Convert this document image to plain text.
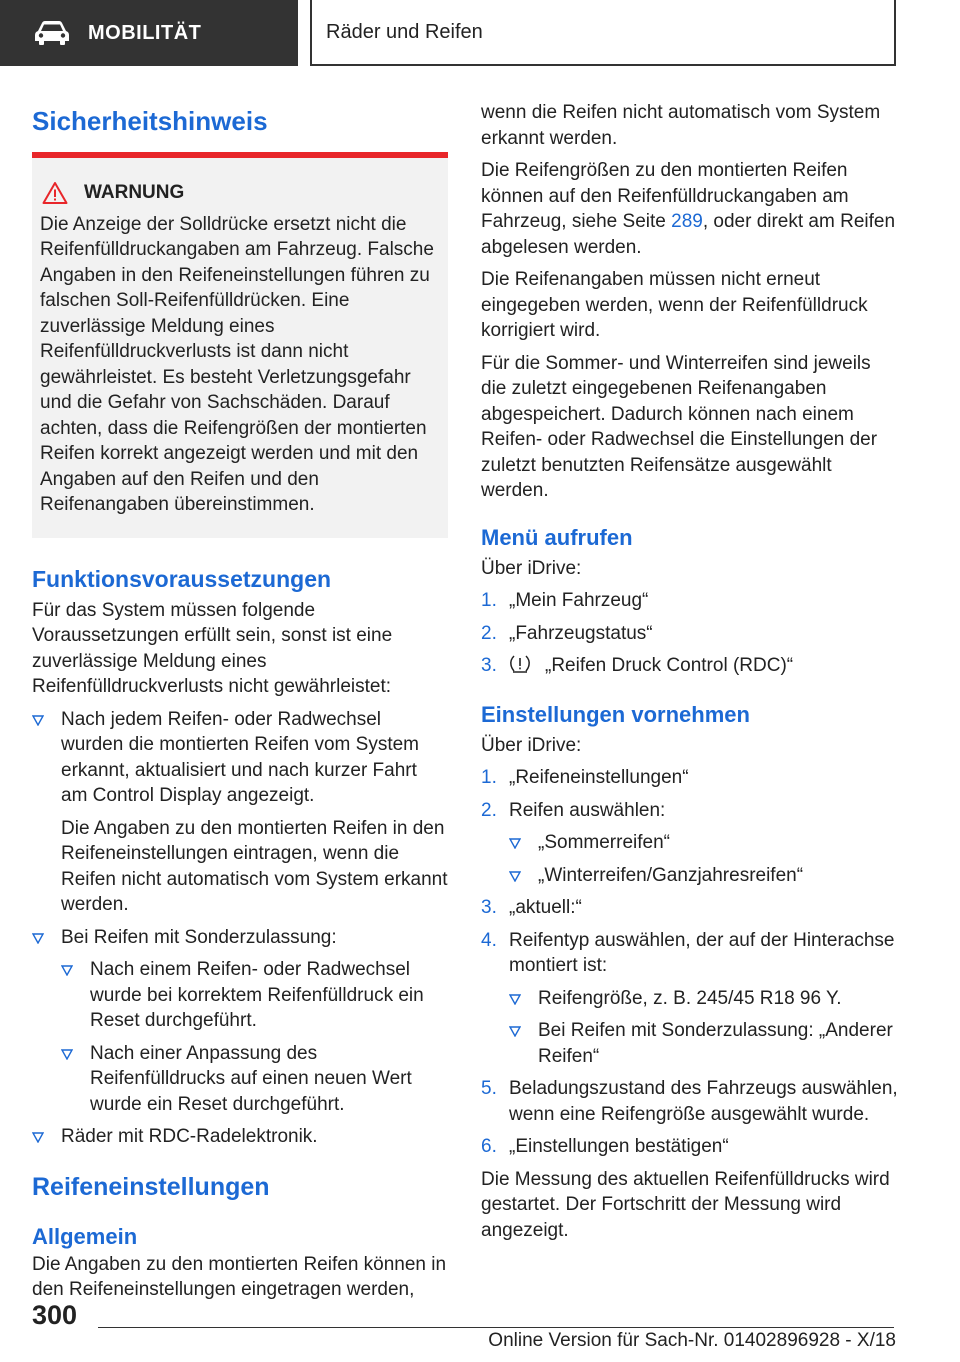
MOBILITÄT	Räder und Reifen
Sicherheitshinweis
WARNUNG

Die Anzeige der Solldrücke ersetzt nicht die Reifenfülldruckangaben am Fahrzeug. Falsche Angaben in den Reifeneinstellungen führen zu falschen Soll-Reifenfülldrücken. Eine zuverlässige Meldung eines Reifenfülldruckverlusts ist dann nicht gewährleistet. Es besteht Verletzungsgefahr und die Gefahr von Sachschäden. Darauf achten, dass die Reifengrößen der montierten Reifen korrekt angezeigt werden und mit den Angaben auf den Reifen und den Reifenangaben übereinstimmen.

Funktionsvoraussetzungen

Für das System müssen folgende Voraussetzungen erfüllt sein, sonst ist eine zuverlässige Meldung eines Reifenfülldruckverlusts nicht gewährleistet:

Nach jedem Reifen- oder Radwechsel wurden die montierten Reifen vom System erkannt, aktualisiert und nach kurzer Fahrt am Control Display angezeigt.

Die Angaben zu den montierten Reifen in den Reifeneinstellungen eintragen, wenn die Reifen nicht automatisch vom System erkannt werden.

Bei Reifen mit Sonderzulassung:

Nach einem Reifen- oder Radwechsel wurde bei korrektem Reifenfülldruck ein Reset durchgeführt.

Nach einer Anpassung des Reifenfülldrucks auf einen neuen Wert wurde ein Reset durchgeführt.

Räder mit RDC-Radelektronik.

Reifeneinstellungen
Allgemein

Die Angaben zu den montierten Reifen können in den Reifeneinstellungen eingetragen werden,

wenn die Reifen nicht automatisch vom System erkannt werden.

Die Reifengrößen zu den montierten Reifen können auf den Reifenfülldruckangaben am Fahrzeug, siehe Seite 289, oder direkt am Reifen abgelesen werden.

Die Reifenangaben müssen nicht erneut eingegeben werden, wenn der Reifenfülldruck korrigiert wird.

Für die Sommer- und Winterreifen sind jeweils die zuletzt eingegebenen Reifenangaben abgespeichert. Dadurch können nach einem Reifen- oder Radwechsel die Einstellungen der zuletzt benutzten Reifensätze ausgewählt werden.

Menü aufrufen

Über iDrive:

1. „Mein Fahrzeug“
2. „Fahrzeugstatus“
3.	„Reifen Druck Control (RDC)“
Einstellungen vornehmen

Über iDrive:

1. „Reifeneinstellungen“
2. Reifen auswählen:
„Sommerreifen“
„Winterreifen/Ganzjahresreifen“
3. „aktuell:“
4. Reifentyp auswählen, der auf der Hinterachse montiert ist:
Reifengröße, z. B. 245/45 R18 96 Y.
Bei Reifen mit Sonderzulassung: „Anderer Reifen“
5. Beladungszustand des Fahrzeugs auswählen, wenn eine Reifengröße ausgewählt wurde.
6. „Einstellungen bestätigen“

Die Messung des aktuellen Reifenfülldrucks wird gestartet. Der Fortschritt der Messung wird angezeigt.

300
Online Version für Sach-Nr. 01402896928 - X/18
